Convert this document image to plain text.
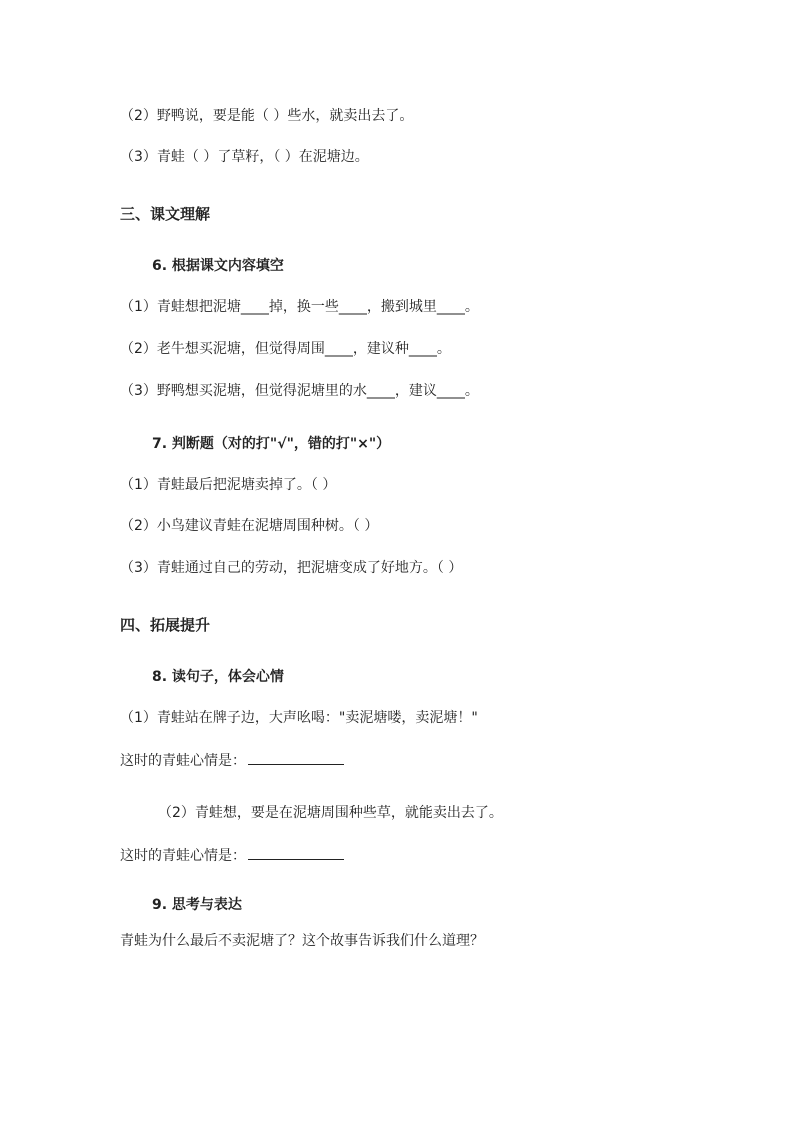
（2）野鸭说，要是能（ ）些水，就卖出去了。
（3）青蛙（ ）了草籽，（ ）在泥塘边。
三、课文理解
6. 根据课文内容填空
（1）青蛙想把泥塘____掉，换一些____，搬到城里____。
（2）老牛想买泥塘，但觉得周围____，建议种____。
（3）野鸭想买泥塘，但觉得泥塘里的水____，建议____。
7. 判断题（对的打"√"，错的打"×"）
（1）青蛙最后把泥塘卖掉了。（ ）
（2）小鸟建议青蛙在泥塘周围种树。（ ）
（3）青蛙通过自己的劳动，把泥塘变成了好地方。（ ）
四、拓展提升
8. 读句子，体会心情
（1）青蛙站在牌子边，大声吆喝："卖泥塘喽，卖泥塘！"
这时的青蛙心情是：
（2）青蛙想，要是在泥塘周围种些草，就能卖出去了。
这时的青蛙心情是：
9. 思考与表达
青蛙为什么最后不卖泥塘了？这个故事告诉我们什么道理？
